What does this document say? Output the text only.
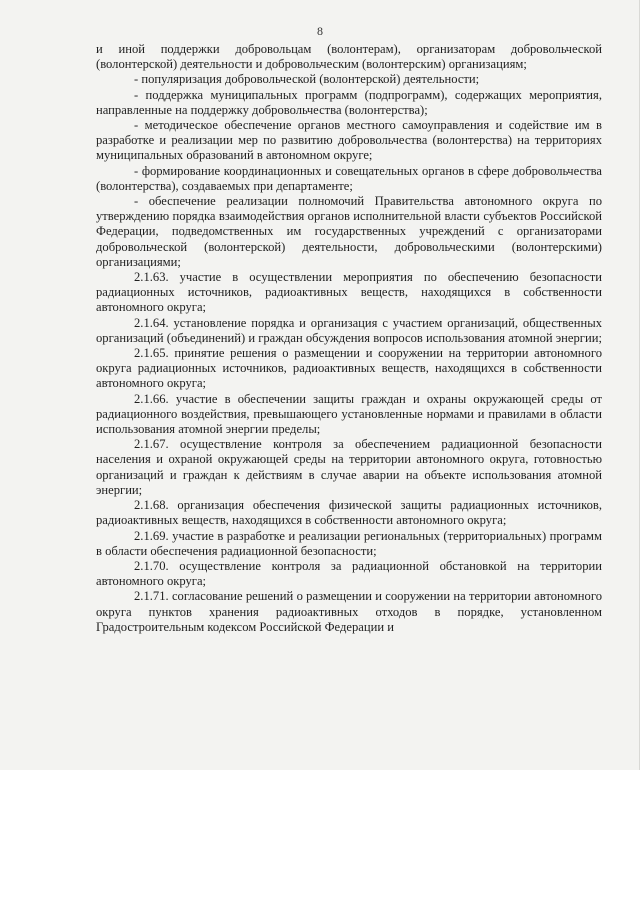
8

и иной поддержки добровольцам (волонтерам), организаторам добровольческой (волонтерской) деятельности и добровольческим (волонтерским) организациям;

- популяризация добровольческой (волонтерской) деятельности;

- поддержка муниципальных программ (подпрограмм), содержащих мероприятия, направленные на поддержку добровольчества (волонтерства);

- методическое обеспечение органов местного самоуправления и содействие им в разработке и реализации мер по развитию добровольчества (волонтерства) на территориях муниципальных образований в автономном округе;

- формирование координационных и совещательных органов в сфере добровольчества (волонтерства), создаваемых при департаменте;

- обеспечение реализации полномочий Правительства автономного округа по утверждению порядка взаимодействия органов исполнительной власти субъектов Российской Федерации, подведомственных им государственных учреждений с организаторами добровольческой (волонтерской) деятельности, добровольческими (волонтерскими) организациями;

2.1.63. участие в осуществлении мероприятия по обеспечению безопасности радиационных источников, радиоактивных веществ, находящихся в собственности автономного округа;

2.1.64. установление порядка и организация с участием организаций, общественных организаций (объединений) и граждан обсуждения вопросов использования атомной энергии;

2.1.65. принятие решения о размещении и сооружении на территории автономного округа радиационных источников, радиоактивных веществ, находящихся в собственности автономного округа;

2.1.66. участие в обеспечении защиты граждан и охраны окружающей среды от радиационного воздействия, превышающего установленные нормами и правилами в области использования атомной энергии пределы;

2.1.67. осуществление контроля за обеспечением радиационной безопасности населения и охраной окружающей среды на территории автономного округа, готовностью организаций и граждан к действиям в случае аварии на объекте использования атомной энергии;

2.1.68. организация обеспечения физической защиты радиационных источников, радиоактивных веществ, находящихся в собственности автономного округа;

2.1.69. участие в разработке и реализации региональных (территориальных) программ в области обеспечения радиационной безопасности;

2.1.70. осуществление контроля за радиационной обстановкой на территории автономного округа;

2.1.71. согласование решений о размещении и сооружении на территории автономного округа пунктов хранения радиоактивных отходов в порядке, установленном Градостроительным кодексом Российской Федерации и
